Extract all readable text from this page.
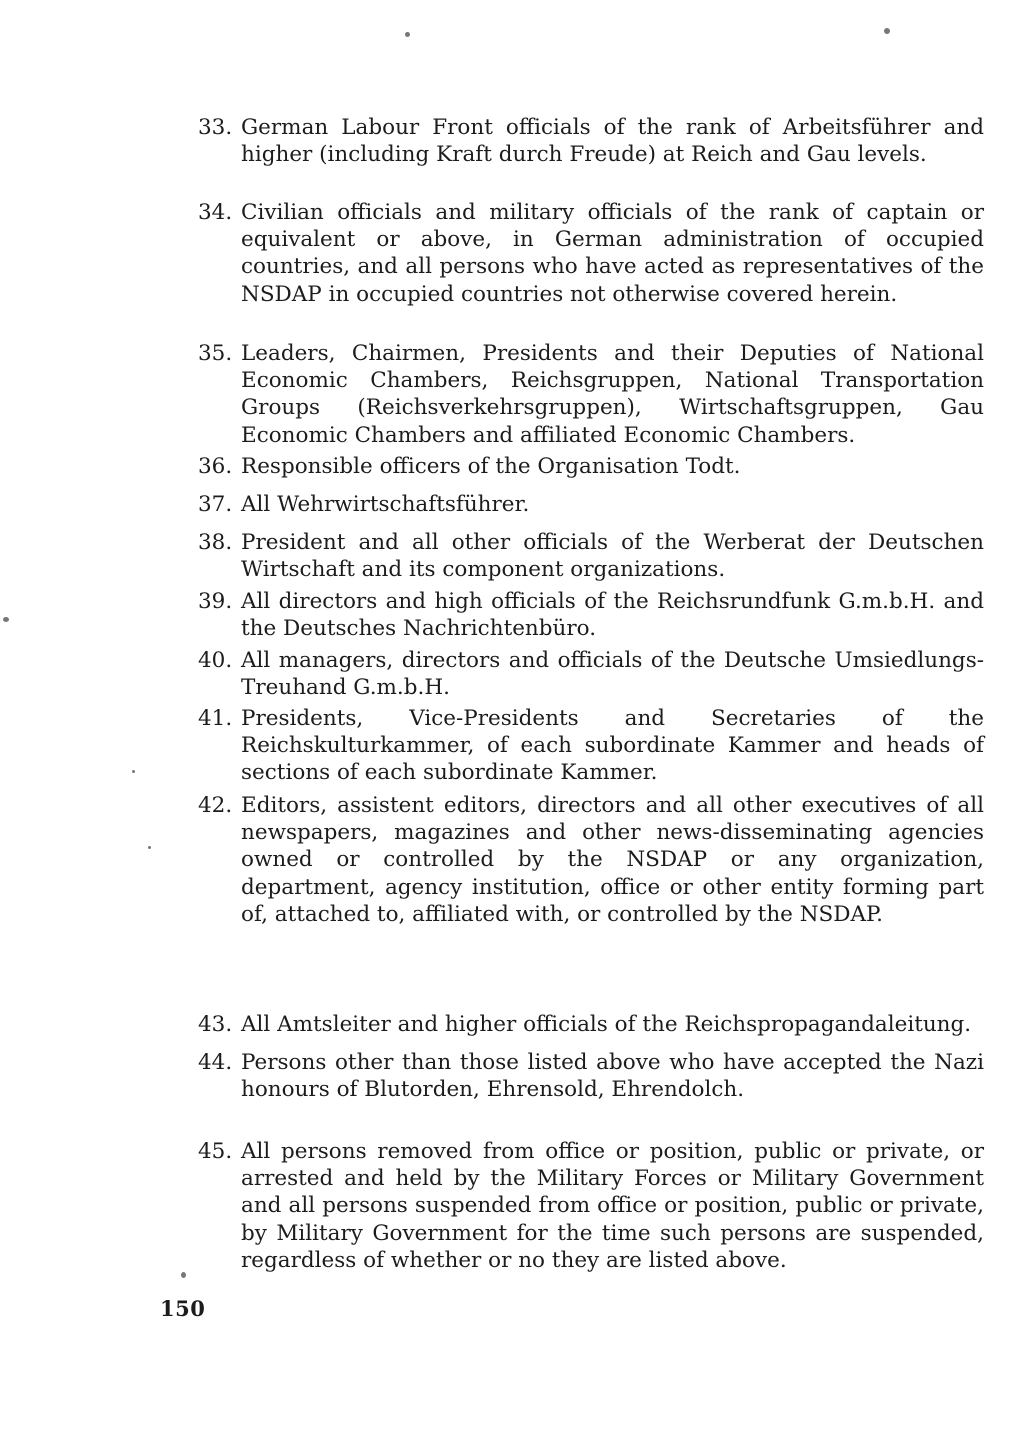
33. German Labour Front officials of the rank of Arbeitsführer and higher (including Kraft durch Freude) at Reich and Gau levels.
34. Civilian officials and military officials of the rank of captain or equivalent or above, in German administration of occupied countries, and all persons who have acted as representatives of the NSDAP in occupied countries not otherwise covered herein.
35. Leaders, Chairmen, Presidents and their Deputies of National Economic Chambers, Reichsgruppen, National Transportation Groups (Reichsverkehrsgruppen), Wirtschaftsgruppen, Gau Economic Chambers and affiliated Economic Chambers.
36. Responsible officers of the Organisation Todt.
37. All Wehrwirtschaftsführer.
38. President and all other officials of the Werberat der Deutschen Wirtschaft and its component organizations.
39. All directors and high officials of the Reichsrundfunk G.m.b.H. and the Deutsches Nachrichtenbüro.
40. All managers, directors and officials of the Deutsche Umsiedlungs-Treuhand G.m.b.H.
41. Presidents, Vice-Presidents and Secretaries of the Reichskulturkammer, of each subordinate Kammer and heads of sections of each subordinate Kammer.
42. Editors, assistent editors, directors and all other executives of all newspapers, magazines and other news-disseminating agencies owned or controlled by the NSDAP or any organization, department, agency institution, office or other entity forming part of, attached to, affiliated with, or controlled by the NSDAP.
43. All Amtsleiter and higher officials of the Reichspropagandaleitung.
44. Persons other than those listed above who have accepted the Nazi honours of Blutorden, Ehrensold, Ehrendolch.
45. All persons removed from office or position, public or private, or arrested and held by the Military Forces or Military Government and all persons suspended from office or position, public or private, by Military Government for the time such persons are suspended, regardless of whether or no they are listed above.
150
